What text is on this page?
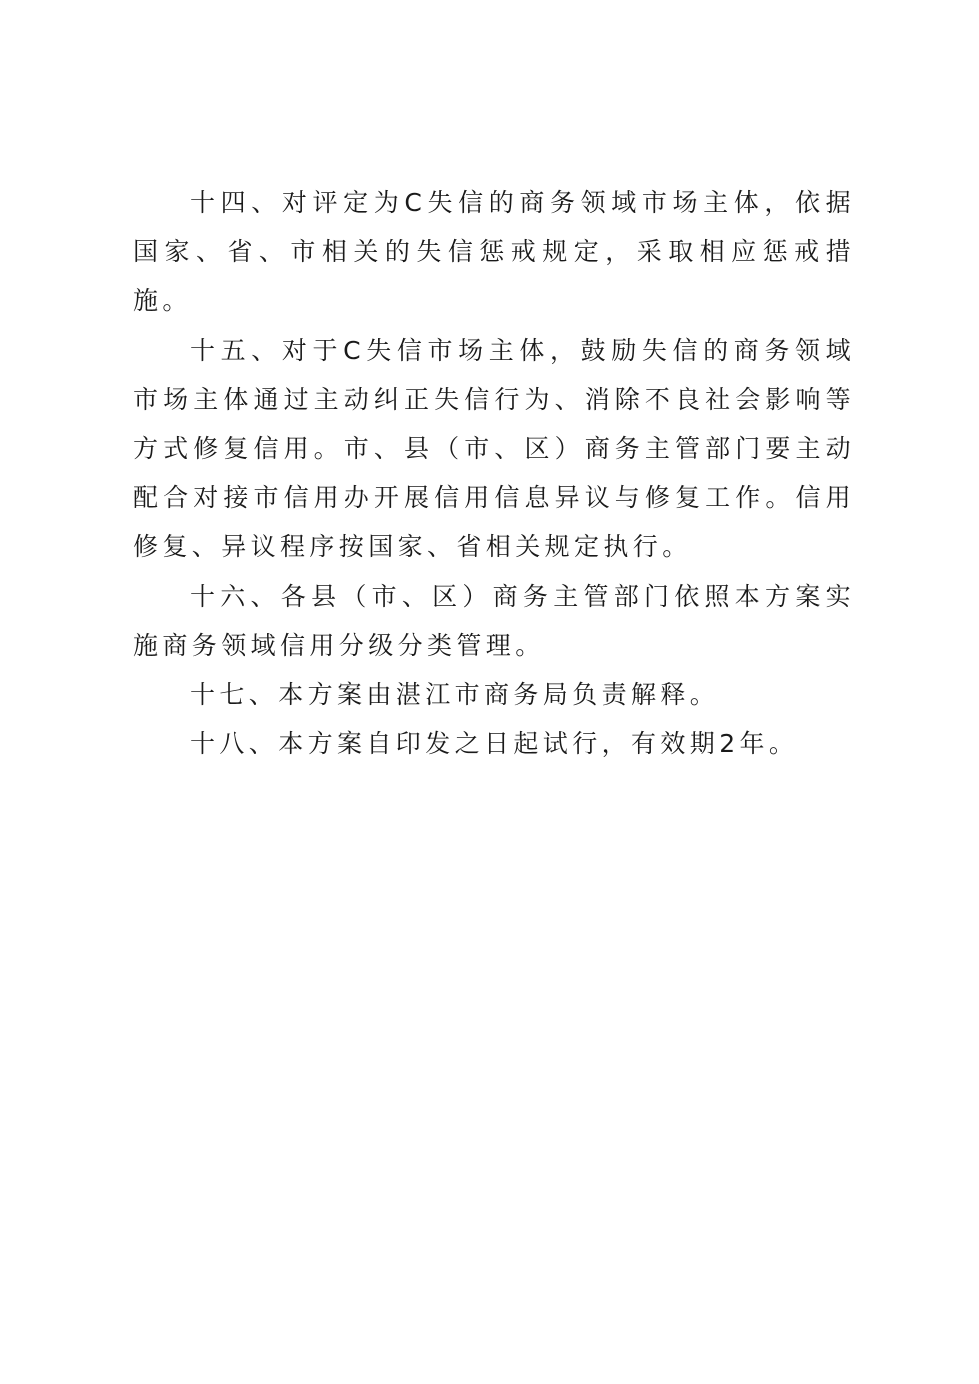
十四、对评定为C失信的商务领域市场主体，依据国家、省、市相关的失信惩戒规定，采取相应惩戒措施。

十五、对于C失信市场主体，鼓励失信的商务领域市场主体通过主动纠正失信行为、消除不良社会影响等方式修复信用。市、县（市、区）商务主管部门要主动配合对接市信用办开展信用信息异议与修复工作。信用修复、异议程序按国家、省相关规定执行。

十六、各县（市、区）商务主管部门依照本方案实施商务领域信用分级分类管理。

十七、本方案由湛江市商务局负责解释。

十八、本方案自印发之日起试行，有效期2年。
